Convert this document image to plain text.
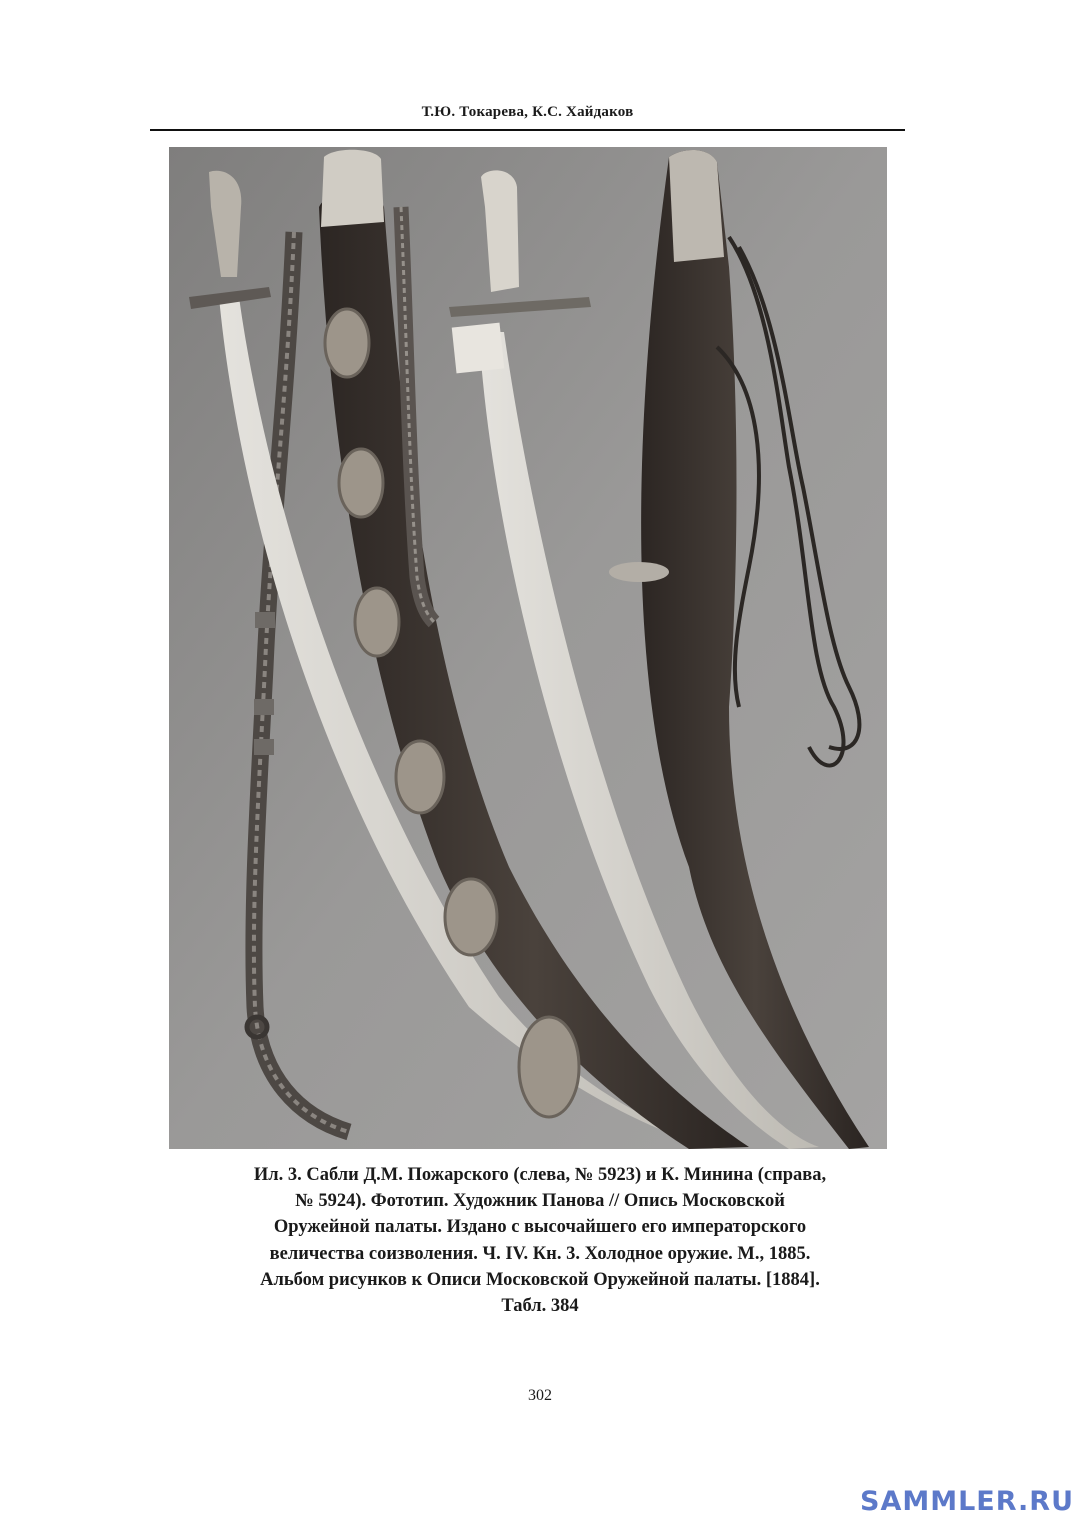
Т.Ю. Токарева, К.С. Хайдаков
Ил. 3. Сабли Д.М. Пожарского (слева, № 5923) и К. Минина (справа,
№ 5924). Фототип. Художник Панова // Опись Московской
Оружейной палаты. Издано с высочайшего его императорского
величества соизволения. Ч. IV. Кн. 3. Холодное оружие. М., 1885.
Альбом рисунков к Описи Московской Оружейной палаты. [1884].
Табл. 384
302
SAMMLER.RU
